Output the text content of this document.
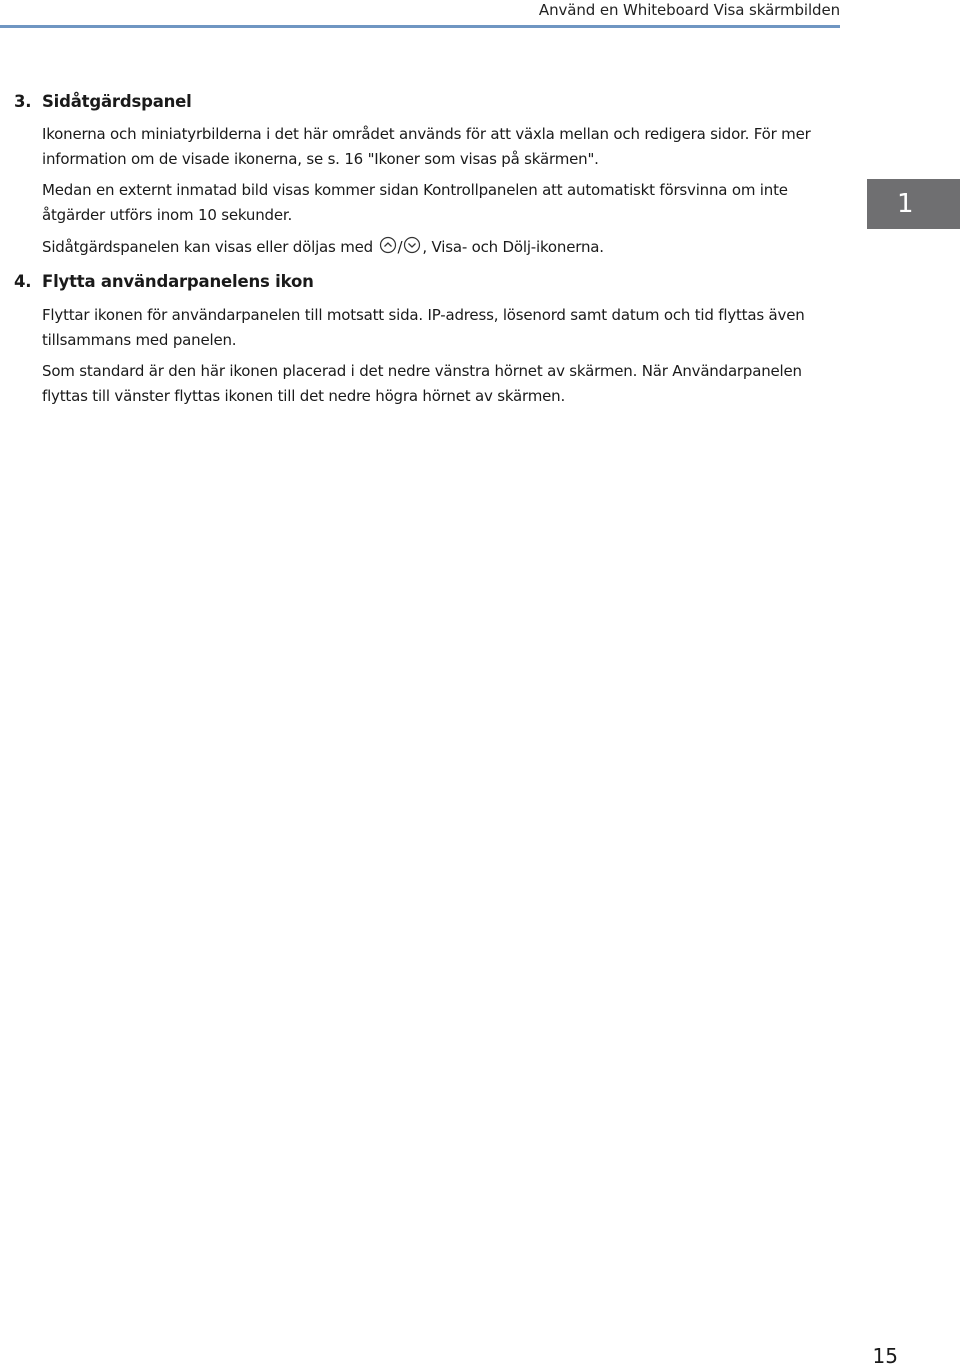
Använd en Whiteboard Visa skärmbilden
1
3. Sidåtgärdspanel
Ikonerna och miniatyrbilderna i det här området används för att växla mellan och redigera sidor. För mer information om de visade ikonerna, se s. 16 "Ikoner som visas på skärmen".
Medan en externt inmatad bild visas kommer sidan Kontrollpanelen att automatiskt försvinna om inte åtgärder utförs inom 10 sekunder.
Sidåtgärdspanelen kan visas eller döljas med / , Visa- och Dölj-ikonerna.
4. Flytta användarpanelens ikon
Flyttar ikonen för användarpanelen till motsatt sida. IP-adress, lösenord samt datum och tid flyttas även tillsammans med panelen.
Som standard är den här ikonen placerad i det nedre vänstra hörnet av skärmen. När Användarpanelen flyttas till vänster flyttas ikonen till det nedre högra hörnet av skärmen.
15
